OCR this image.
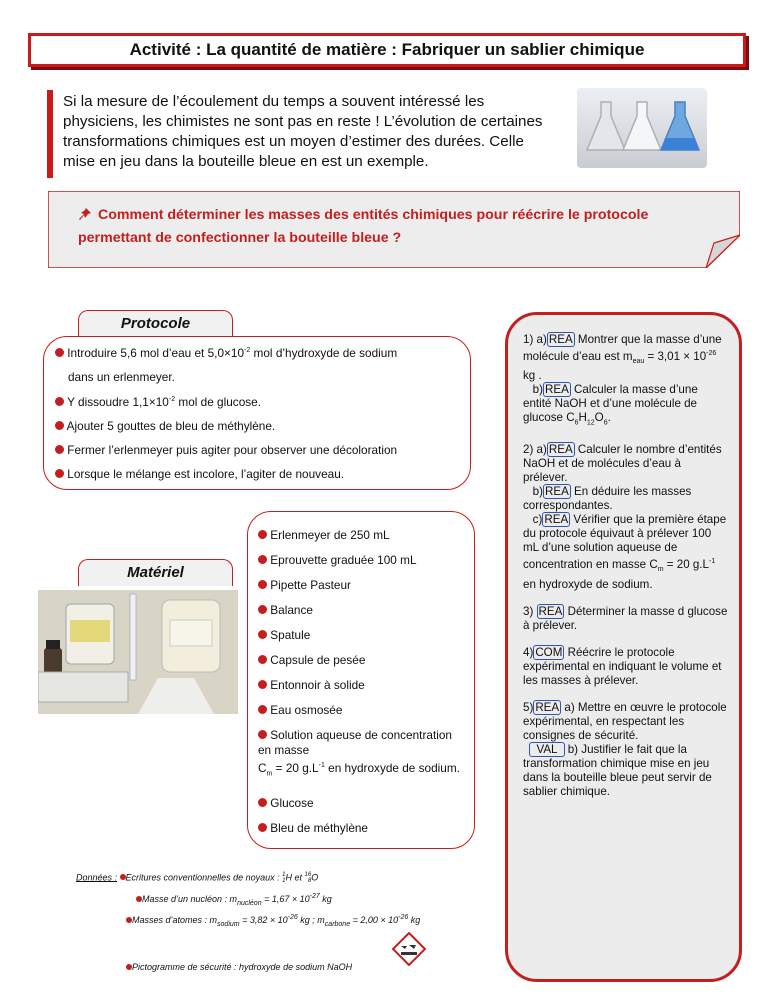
Activité : La quantité de matière : Fabriquer un sablier chimique
Si la mesure de l’écoulement du temps a souvent intéressé les physiciens, les chimistes ne sont pas en reste ! L’évolution de certaines transformations chimiques est un moyen d’estimer des durées. Celle mise en jeu dans la bouteille bleue en est un exemple.
Comment déterminer les masses des entités chimiques pour réécrire le protocole permettant de confectionner la bouteille bleue ?
Protocole
Introduire 5,6 mol d’eau et $5,0\times 10^{-2}$ mol d’hydroxyde de sodium
dans un erlenmeyer.
Y dissoudre $1,1\times 10^{-2}$ mol de glucose.
Ajouter 5 gouttes de bleu de méthylène.
Fermer l’erlenmeyer puis agiter pour observer une décoloration
Lorsque le mélange est incolore, l’agiter de nouveau.
Matériel
Erlenmeyer de 250 mL
Eprouvette graduée 100 mL
Pipette Pasteur
Balance
Spatule
Capsule de pesée
Entonnoir à solide
Eau osmosée
Solution aqueuse de concentration en masse
$C_m = 20$ $g.L^{-1}$ en hydroxyde de sodium.
Glucose
Bleu de méthylène

1) a) REA Montrer que la masse d’une molécule d’eau est $m_{eau} = 3,01 \times 10^{-26}$ kg .
b) REA Calculer la masse d’une entité NaOH et d’une molécule de glucose $C_6H_{12}O_6$.

2) a) REA Calculer le nombre d’entités NaOH et de molécules d’eau à prélever.
b) REA En déduire les masses correspondantes.
c) REA Vérifier que la première étape du protocole équivaut à prélever 100 mL d’une solution aqueuse de concentration en masse $C_m = 20$ $g.L^{-1}$ en hydroxyde de sodium.

3) REA Déterminer la masse d glucose à prélever.

4) COM Réécrire le protocole expérimental en indiquant le volume et les masses à prélever.

5) REA a) Mettre en œuvre le protocole expérimental, en respectant les consignes de sécurité.
VAL b) Justifier le fait que la transformation chimique mise en jeu dans la bouteille bleue peut servir de sablier chimique.

Données : Ecritures conventionnelles de noyaux : 1
1H et 16
8O
Masse d’un nucléon : $m_{nucléon} = 1,67 \times 10^{-27}$ kg
Masses d’atomes : $m_{sodium} = 3,82 \times 10^{-26}$ kg ; $m_{carbone} = 2,00 \times 10^{-26}$ kg
Pictogramme de sécurité : hydroxyde de sodium NaOH
